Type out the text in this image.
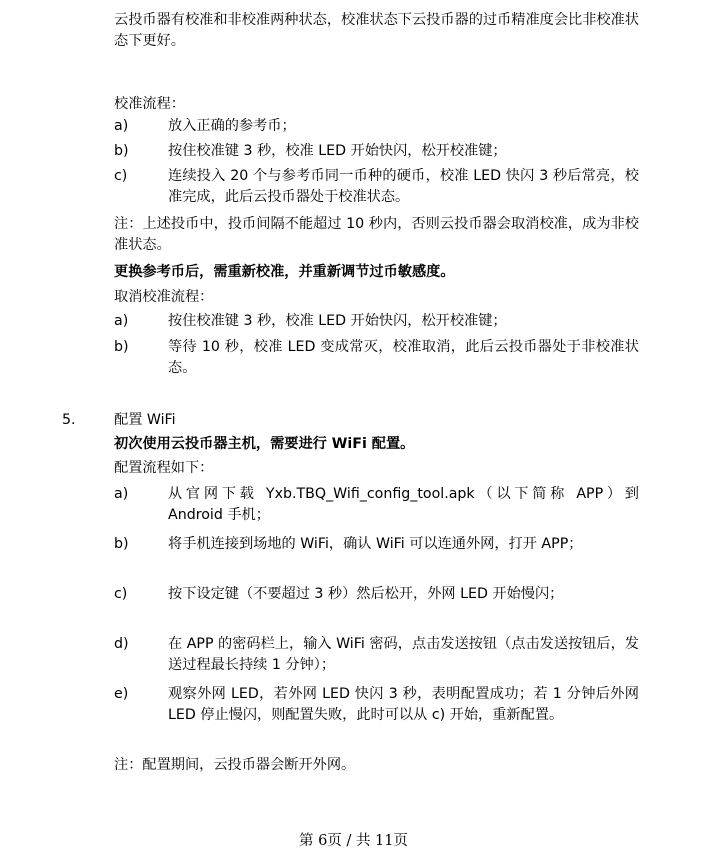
云投币器有校准和非校准两种状态，校准状态下云投币器的过币精准度会比非校准状态下更好。

校准流程：

a)	放入正确的参考币；
b)	按住校准键 3 秒，校准 LED 开始快闪，松开校准键；
c)	连续投入 20 个与参考币同一币种的硬币，校准 LED 快闪 3 秒后常亮，校准完成，此后云投币器处于校准状态。

注：上述投币中，投币间隔不能超过 10 秒内，否则云投币器会取消校准，成为非校准状态。

更换参考币后，需重新校准，并重新调节过币敏感度。

取消校准流程：

a)	按住校准键 3 秒，校准 LED 开始快闪，松开校准键；
b)	等待 10 秒，校准 LED 变成常灭，校准取消，此后云投币器处于非校准状态。
5.	配置 WiFi

初次使用云投币器主机，需要进行 WiFi 配置。

配置流程如下：

a)	从官网下载 Yxb.TBQ_Wifi_config_tool.apk（以下简称 APP）到 Android 手机；
b)	将手机连接到场地的 WiFi，确认 WiFi 可以连通外网，打开 APP；
c)	按下设定键（不要超过 3 秒）然后松开，外网 LED 开始慢闪；
d)	在 APP 的密码栏上，输入 WiFi 密码，点击发送按钮（点击发送按钮后，发送过程最长持续 1 分钟）；
e)	观察外网 LED，若外网 LED 快闪 3 秒，表明配置成功；若 1 分钟后外网 LED 停止慢闪，则配置失败，此时可以从 c) 开始，重新配置。

注：配置期间，云投币器会断开外网。

第 6页 / 共 11页
